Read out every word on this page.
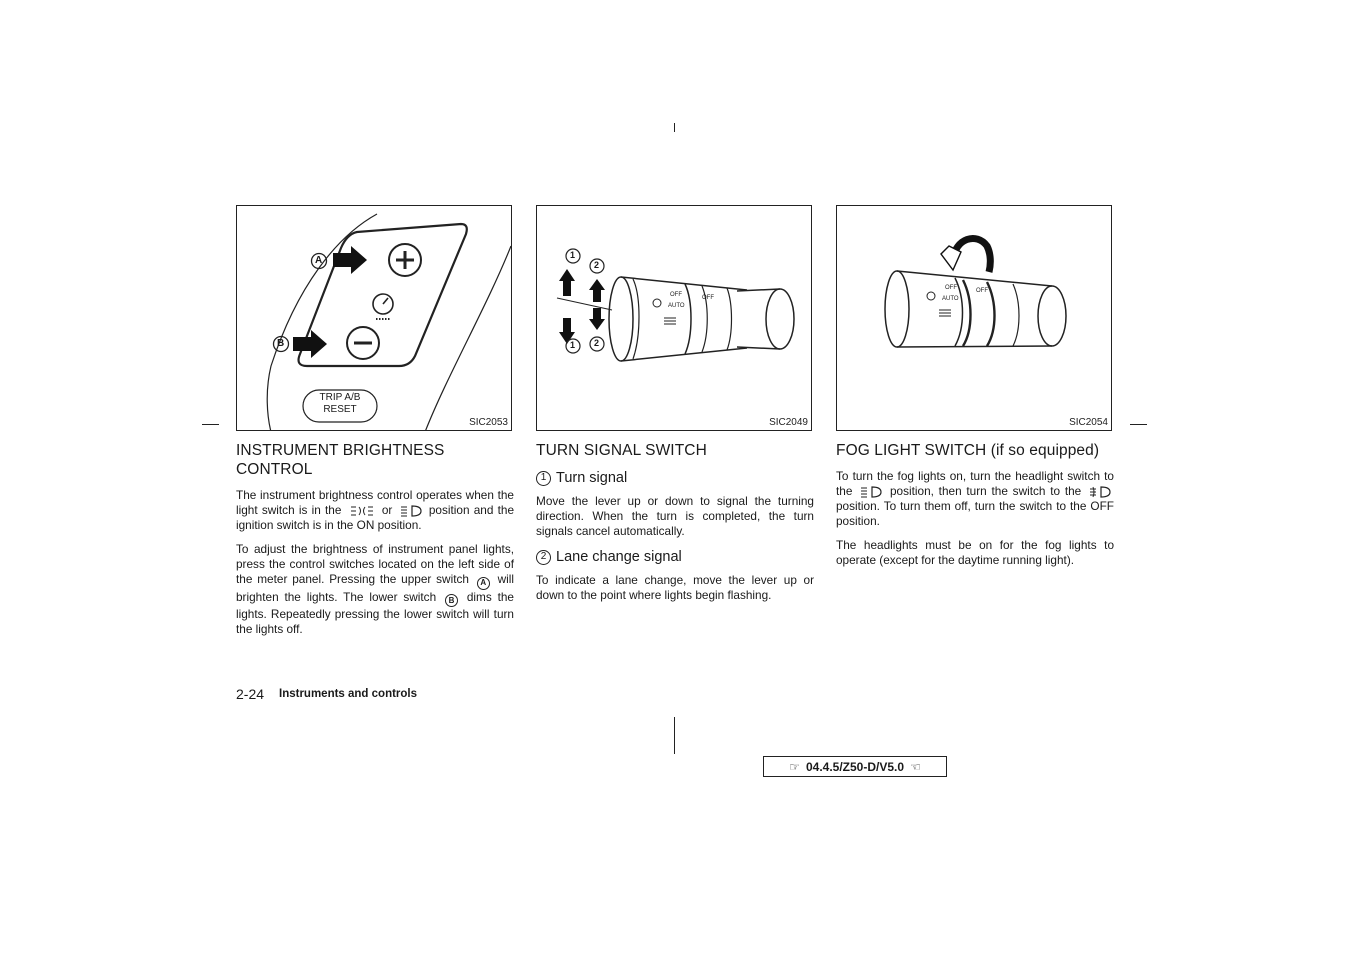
A
B
TRIP A/B
RESET
SIC2053
1
2
1 2
OFF
AUTO
OFF
SIC2049
OFF
AUTO
OFF
SIC2054
INSTRUMENT BRIGHTNESS CONTROL

The instrument brightness control operates when the light switch is in the	or	position and the ignition switch is in the ON position.

To adjust the brightness of instrument panel lights, press the control switches located on the left side of the meter panel. Pressing the upper switch A will brighten the lights. The lower switch B dims the lights. Repeatedly pressing the lower switch will turn the lights off.

TURN SIGNAL SWITCH
1 Turn signal

Move the lever up or down to signal the turning direction. When the turn is completed, the turn signals cancel automatically.

2 Lane change signal

To indicate a lane change, move the lever up or down to the point where lights begin flashing.

FOG LIGHT SWITCH (if so equipped)

To turn the fog lights on, turn the headlight switch to the	position, then turn the switch to the  position. To turn them off, turn the switch to the OFF position.

The headlights must be on for the fog lights to operate (except for the daytime running light).

2-24 Instruments and controls
☞ 04.4.5/Z50-D/V5.0 ☜
